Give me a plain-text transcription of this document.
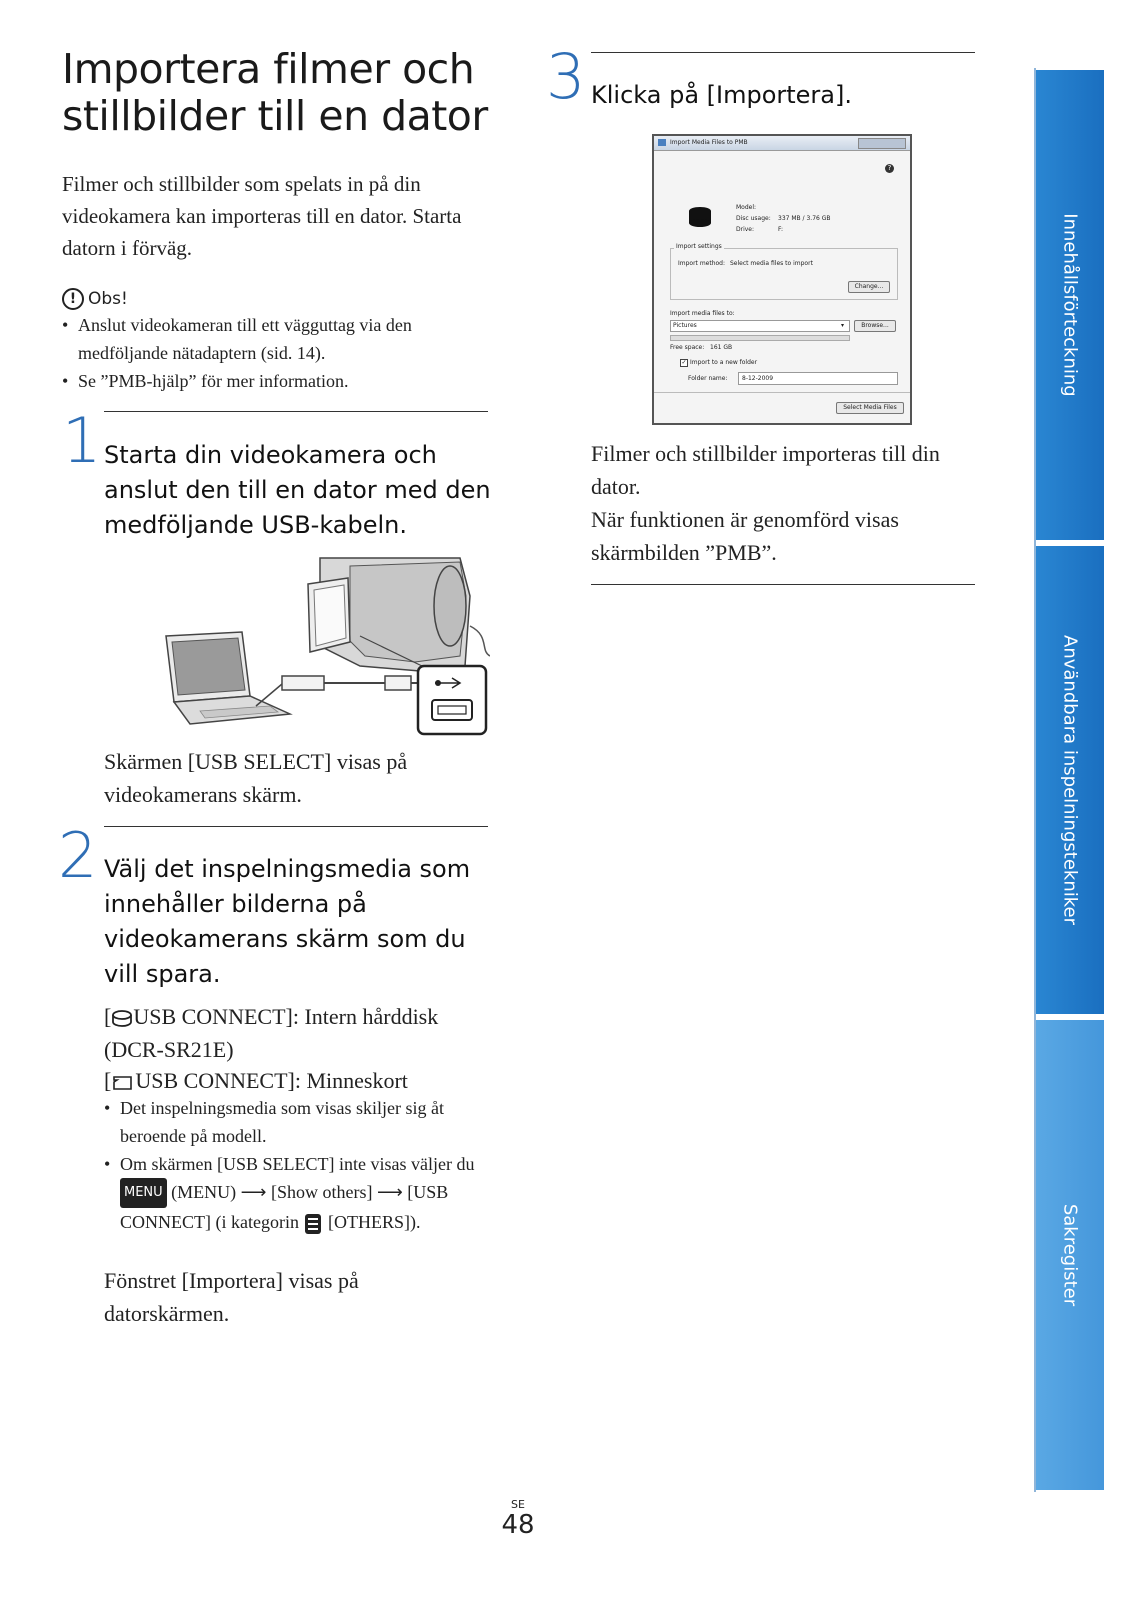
Importera filmer och stillbilder till en dator
Filmer och stillbilder som spelats in på din videokamera kan importeras till en dator. Starta datorn i förväg.
! Obs!
• Anslut videokameran till ett vägguttag via den medföljande nätadaptern (sid. 14).
• Se ”PMB-hjälp” för mer information.
1 Starta din videokamera och anslut den till en dator med den medföljande USB-kabeln.
Skärmen [USB SELECT] visas på videokamerans skärm.
2 Välj det inspelningsmedia som innehåller bilderna på videokamerans skärm som du vill spara.
[ USB CONNECT]: Intern hårddisk (DCR-SR21E)
[ USB CONNECT]: Minneskort
• Det inspelningsmedia som visas skiljer sig åt beroende på modell.
• Om skärmen [USB SELECT] inte visas väljer du MENU (MENU) ⟶ [Show others] ⟶ [USB CONNECT] (i kategorin [OTHERS]).
Fönstret [Importera] visas på datorskärmen.
3 Klicka på [Importera].
Import Media Files to PMB
?
Model:
Disc usage: 337 MB / 3.76 GB
Drive:	F:
Import settings
Import method: Select media files to import
Change...
Import media files to:
Pictures	▾	Browse...
Free space: 161 GB
✓ Import to a new folder
Folder name: 8-12-2009
Select Media Files
Filmer och stillbilder importeras till din dator.
När funktionen är genomförd visas skärmbilden ”PMB”.
Innehållsförteckning
Användbara inspelningstekniker
Sakregister
SE
48
